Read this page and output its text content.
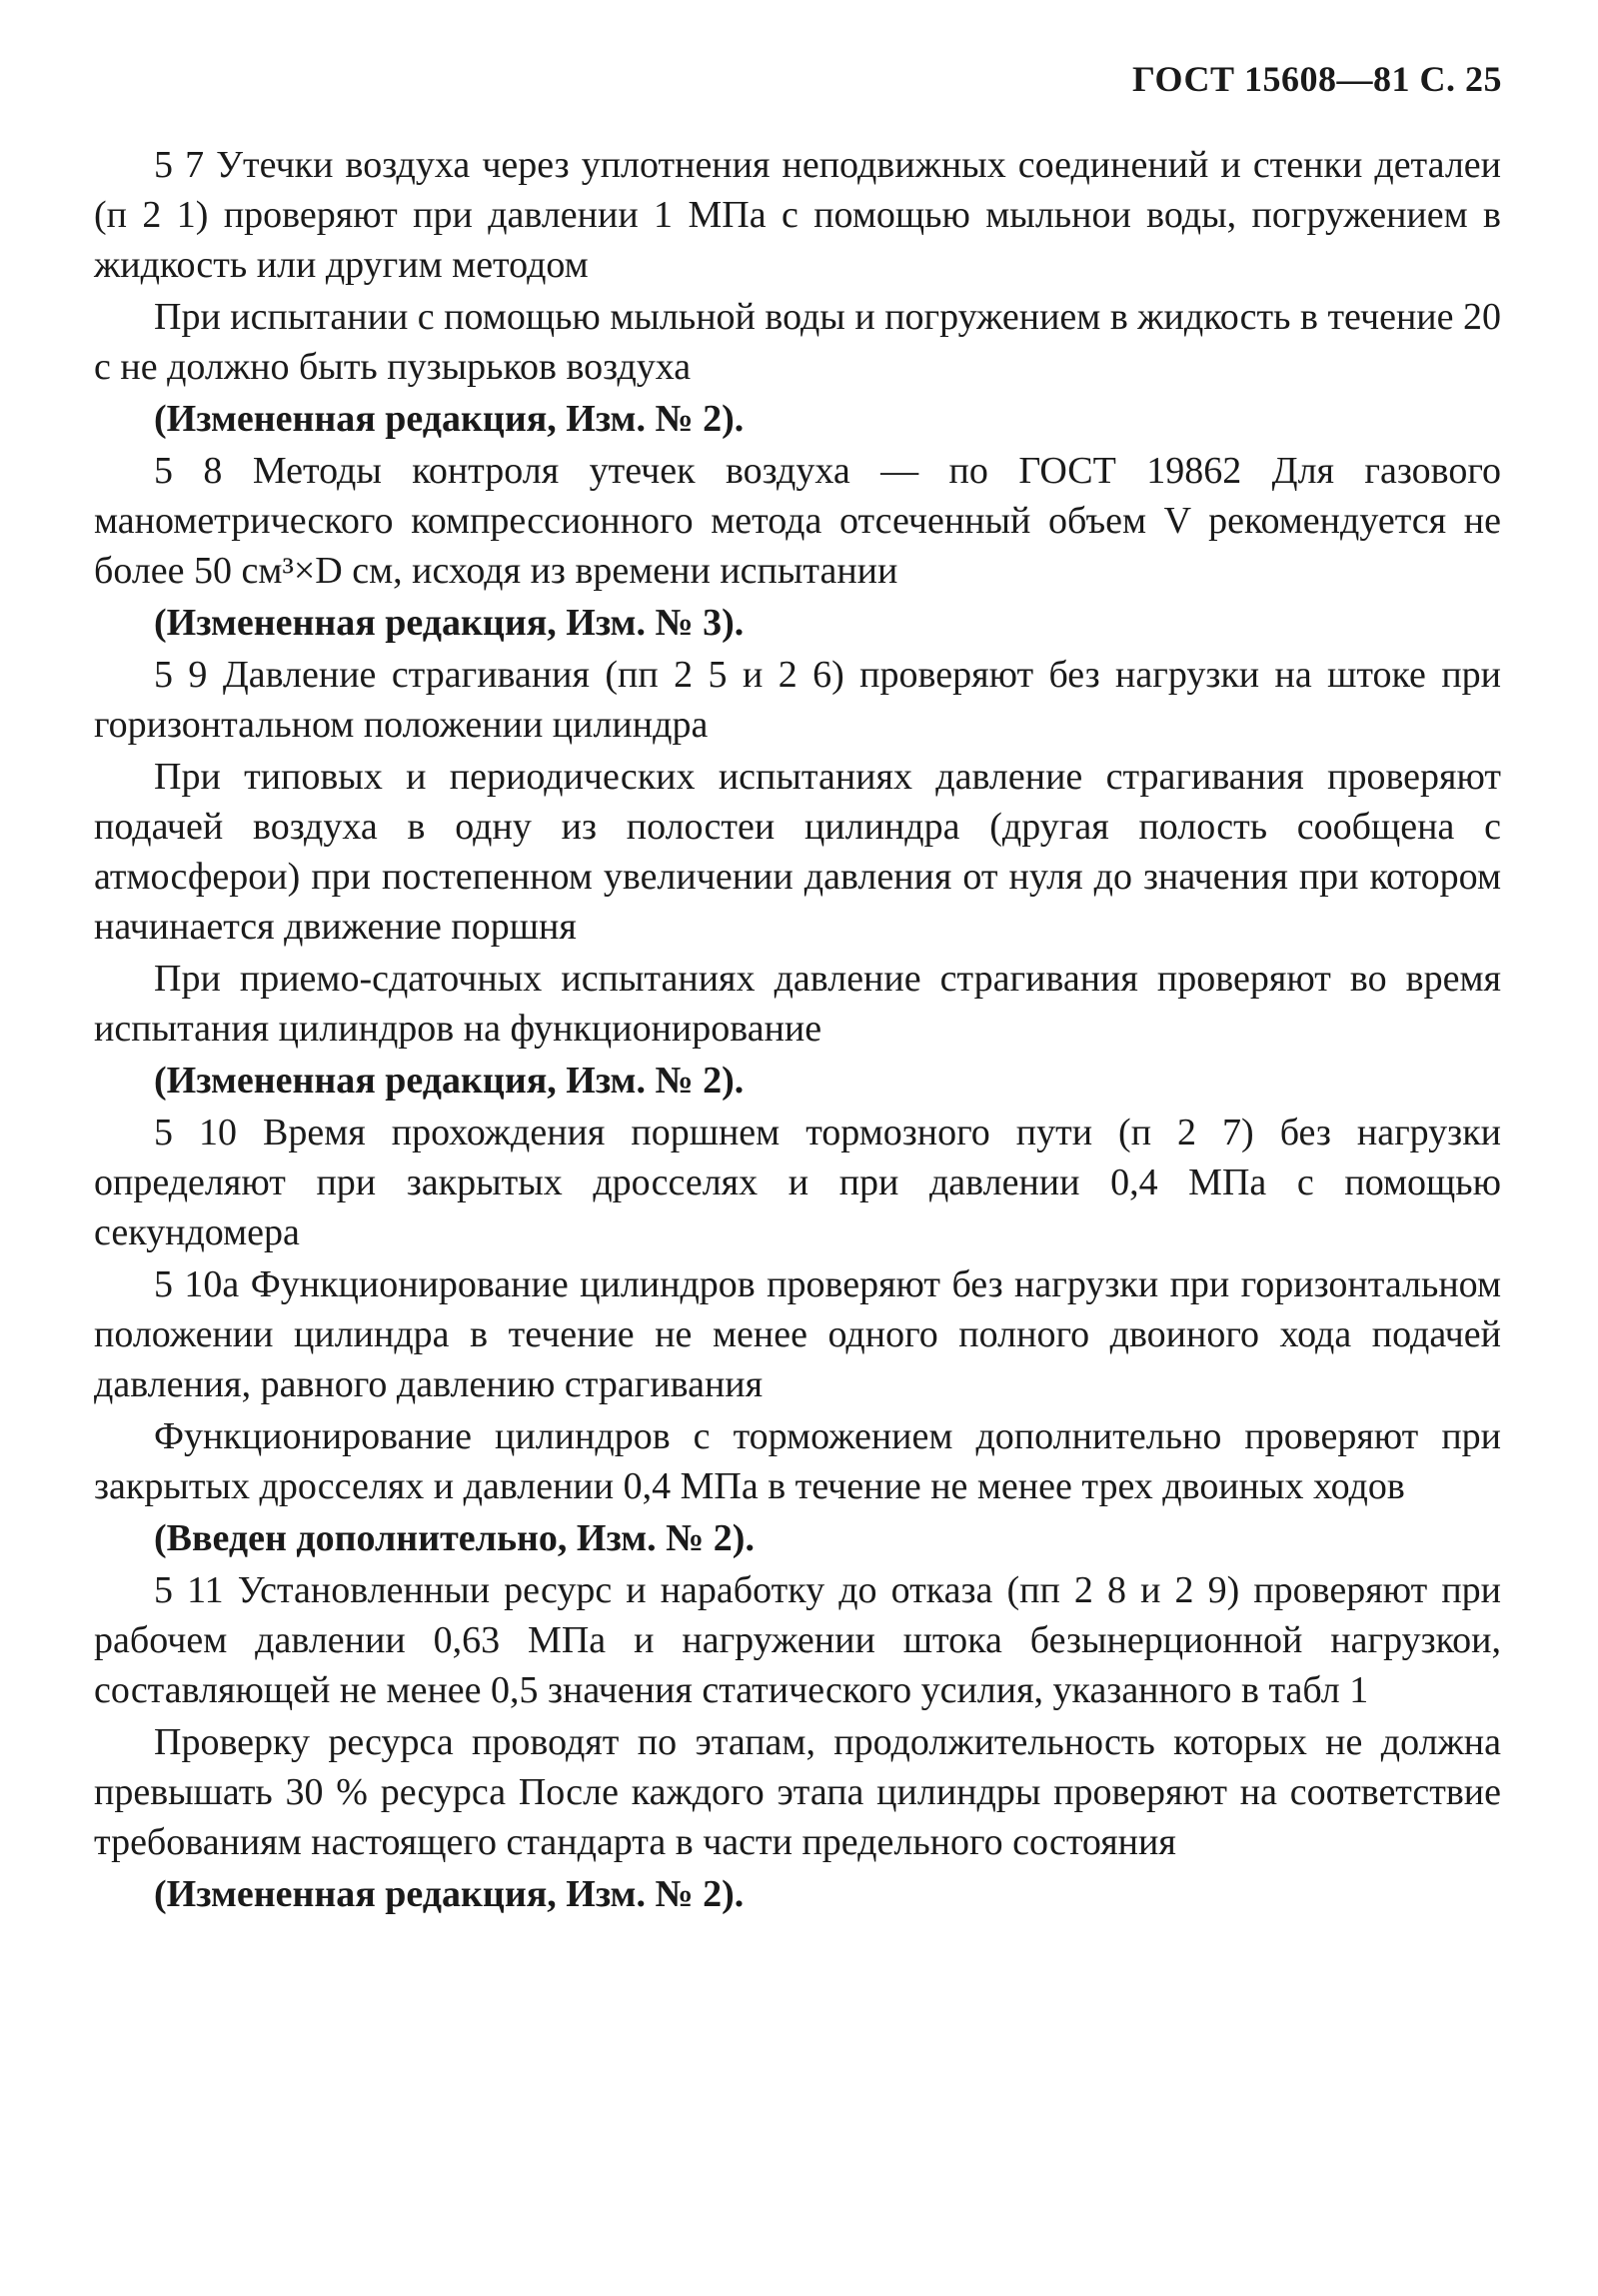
ГОСТ 15608—81 С. 25

5 7 Утечки воздуха через уплотнения неподвижных соединений и стенки деталеи (п 2 1) проверяют при давлении 1 МПа с помощью мыльнои воды, погружением в жидкость или другим методом

При испытании с помощью мыльной воды и погружением в жидкость в течение 20 с не должно быть пузырьков воздуха

(Измененная редакция, Изм. № 2).

5 8 Методы контроля утечек воздуха — по ГОСТ 19862 Для газового манометрического компрессионного метода отсеченный объем V рекомендуется не более 50 см³×D см, исходя из времени испытании

(Измененная редакция, Изм. № 3).

5 9 Давление страгивания (пп 2 5 и 2 6) проверяют без нагрузки на штоке при горизонтальном положении цилиндра

При типовых и периодических испытаниях давление страгивания проверяют подачей воздуха в одну из полостеи цилиндра (другая полость сообщена с атмосферои) при постепенном увеличении давления от нуля до значения при котором начинается движение поршня

При приемо-сдаточных испытаниях давление страгивания проверяют во время испытания цилиндров на функционирование

(Измененная редакция, Изм. № 2).

5 10 Время прохождения поршнем тормозного пути (п 2 7) без нагрузки определяют при закрытых дросселях и при давлении 0,4 МПа с помощью секундомера

5 10а Функционирование цилиндров проверяют без нагрузки при горизонтальном положении цилиндра в течение не менее одного полного двоиного хода подачей давления, равного давлению страгивания

Функционирование цилиндров с торможением дополнительно проверяют при закрытых дросселях и давлении 0,4 МПа в течение не менее трех двоиных ходов

(Введен дополнительно, Изм. № 2).

5 11 Установленныи ресурс и наработку до отказа (пп 2 8 и 2 9) проверяют при рабочем давлении 0,63 МПа и нагружении штока безынерционной нагрузкои, составляющей не менее 0,5 значения статического усилия, указанного в табл 1

Проверку ресурса проводят по этапам, продолжительность которых не должна превышать 30 % ресурса После каждого этапа цилиндры проверяют на соответствие требованиям настоящего стандарта в части предельного состояния

(Измененная редакция, Изм. № 2).
